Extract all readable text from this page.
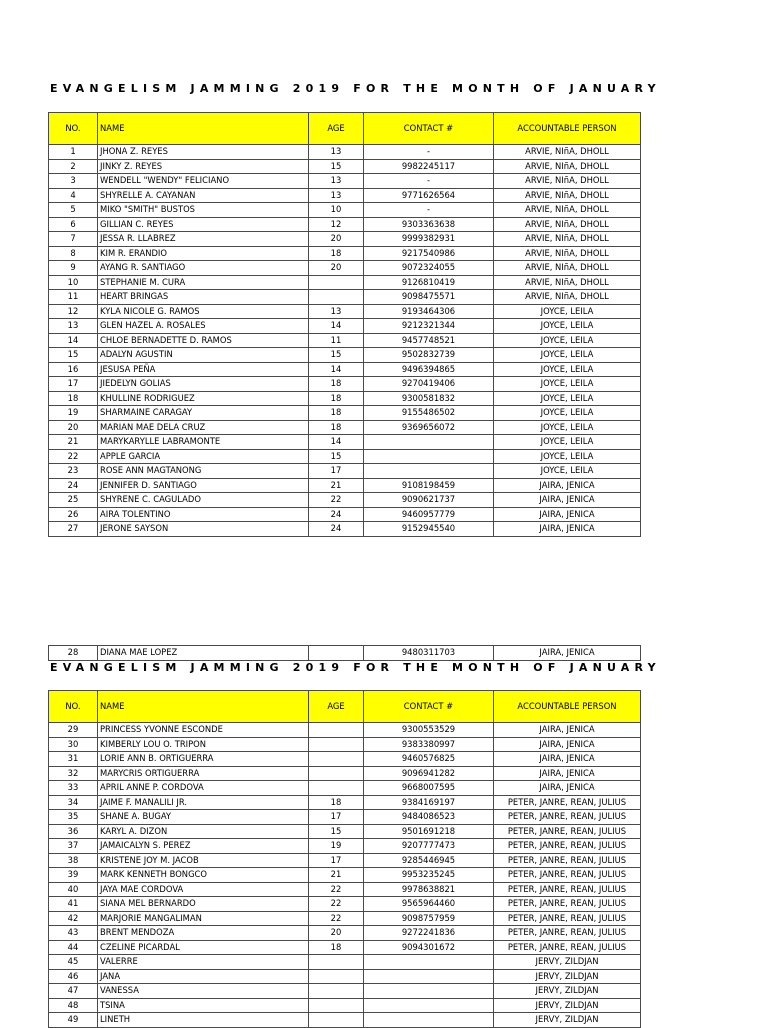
EVANGELISM JAMMING 2019 FOR THE MONTH OF JANUARY
NO.	NAME	AGE	CONTACT #	ACCOUNTABLE PERSON
1	JHONA Z. REYES	13	-	ARVIE, NIñA, DHOLL
2	JINKY Z. REYES	15	9982245117	ARVIE, NIñA, DHOLL
3	WENDELL "WENDY" FELICIANO	13	-	ARVIE, NIñA, DHOLL
4	SHYRELLE A. CAYANAN	13	9771626564	ARVIE, NIñA, DHOLL
5	MIKO "SMITH" BUSTOS	10	-	ARVIE, NIñA, DHOLL
6	GILLIAN C. REYES	12	9303363638	ARVIE, NIñA, DHOLL
7	JESSA R. LLABREZ	20	9999382931	ARVIE, NIñA, DHOLL
8	KIM R. ERANDIO	18	9217540986	ARVIE, NIñA, DHOLL
9	AYANG R. SANTIAGO	20	9072324055	ARVIE, NIñA, DHOLL
10	STEPHANIE M. CURA		9126810419	ARVIE, NIñA, DHOLL
11	HEART BRINGAS		9098475571	ARVIE, NIñA, DHOLL
12	KYLA NICOLE G. RAMOS	13	9193464306	JOYCE, LEILA
13	GLEN HAZEL A. ROSALES	14	9212321344	JOYCE, LEILA
14	CHLOE BERNADETTE D. RAMOS	11	9457748521	JOYCE, LEILA
15	ADALYN AGUSTIN	15	9502832739	JOYCE, LEILA
16	JESUSA PEÑA	14	9496394865	JOYCE, LEILA
17	JIEDELYN GOLIAS	18	9270419406	JOYCE, LEILA
18	KHULLINE RODRIGUEZ	18	9300581832	JOYCE, LEILA
19	SHARMAINE CARAGAY	18	9155486502	JOYCE, LEILA
20	MARIAN MAE DELA CRUZ	18	9369656072	JOYCE, LEILA
21	MARYKARYLLE LABRAMONTE	14		JOYCE, LEILA
22	APPLE GARCIA	15		JOYCE, LEILA
23	ROSE ANN MAGTANONG	17		JOYCE, LEILA
24	JENNIFER D. SANTIAGO	21	9108198459	JAIRA, JENICA
25	SHYRENE C. CAGULADO	22	9090621737	JAIRA, JENICA
26	AIRA TOLENTINO	24	9460957779	JAIRA, JENICA
27	JERONE SAYSON	24	9152945540	JAIRA, JENICA
28	DIANA MAE LOPEZ		9480311703	JAIRA, JENICA
EVANGELISM JAMMING 2019 FOR THE MONTH OF JANUARY
NO.	NAME	AGE	CONTACT #	ACCOUNTABLE PERSON
29	PRINCESS YVONNE ESCONDE		9300553529	JAIRA, JENICA
30	KIMBERLY LOU O. TRIPON		9383380997	JAIRA, JENICA
31	LORIE ANN B. ORTIGUERRA		9460576825	JAIRA, JENICA
32	MARYCRIS ORTIGUERRA		9096941282	JAIRA, JENICA
33	APRIL ANNE P. CORDOVA		9668007595	JAIRA, JENICA
34	JAIME F. MANALILI JR.	18	9384169197	PETER, JANRE, REAN, JULIUS
35	SHANE A. BUGAY	17	9484086523	PETER, JANRE, REAN, JULIUS
36	KARYL A. DIZON	15	9501691218	PETER, JANRE, REAN, JULIUS
37	JAMAICALYN S. PEREZ	19	9207777473	PETER, JANRE, REAN, JULIUS
38	KRISTENE JOY M. JACOB	17	9285446945	PETER, JANRE, REAN, JULIUS
39	MARK KENNETH BONGCO	21	9953235245	PETER, JANRE, REAN, JULIUS
40	JAYA MAE CORDOVA	22	9978638821	PETER, JANRE, REAN, JULIUS
41	SIANA MEL BERNARDO	22	9565964460	PETER, JANRE, REAN, JULIUS
42	MARJORIE MANGALIMAN	22	9098757959	PETER, JANRE, REAN, JULIUS
43	BRENT MENDOZA	20	9272241836	PETER, JANRE, REAN, JULIUS
44	CZELINE PICARDAL	18	9094301672	PETER, JANRE, REAN, JULIUS
45	VALERRE			JERVY, ZILDJAN
46	JANA			JERVY, ZILDJAN
47	VANESSA			JERVY, ZILDJAN
48	TSINA			JERVY, ZILDJAN
49	LINETH			JERVY, ZILDJAN
